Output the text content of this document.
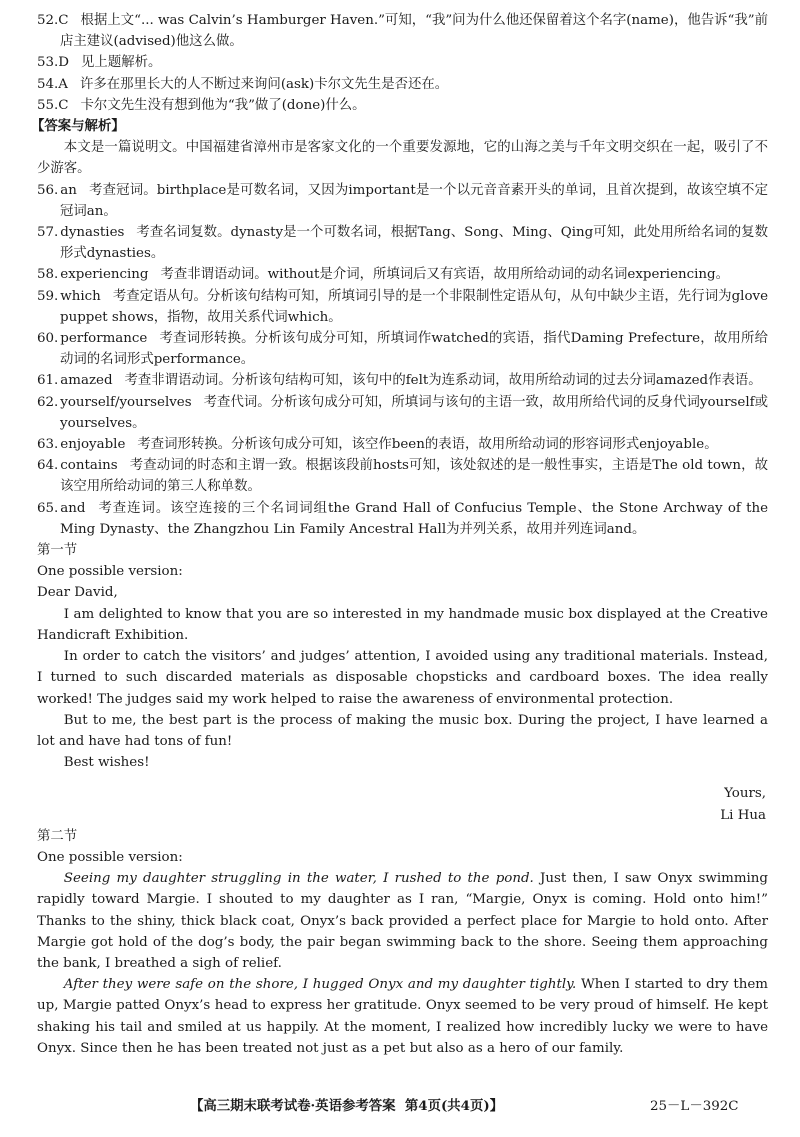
52.C 根据上文“... was Calvin’s Hamburger Haven.”可知，“我”问为什么他还保留着这个名字(name)，他告诉“我”前店主建议(advised)他这么做。
53.D 见上题解析。
54.A 许多在那里长大的人不断过来询问(ask)卡尔文先生是否还在。
55.C 卡尔文先生没有想到他为“我”做了(done)什么。
【答案与解析】
本文是一篇说明文。中国福建省漳州市是客家文化的一个重要发源地，它的山海之美与千年文明交织在一起，吸引了不少游客。
56. an 考查冠词。birthplace是可数名词，又因为important是一个以元音音素开头的单词，且首次提到，故该空填不定冠词an。
57. dynasties 考查名词复数。dynasty是一个可数名词，根据Tang、Song、Ming、Qing可知，此处用所给名词的复数形式dynasties。
58. experiencing 考查非谓语动词。without是介词，所填词后又有宾语，故用所给动词的动名词experiencing。
59. which 考查定语从句。分析该句结构可知，所填词引导的是一个非限制性定语从句，从句中缺少主语，先行词为glove puppet shows，指物，故用关系代词which。
60. performance 考查词形转换。分析该句成分可知，所填词作watched的宾语，指代Daming Prefecture，故用所给动词的名词形式performance。
61. amazed 考查非谓语动词。分析该句结构可知，该句中的felt为连系动词，故用所给动词的过去分词amazed作表语。
62. yourself/yourselves 考查代词。分析该句成分可知，所填词与该句的主语一致，故用所给代词的反身代词yourself或yourselves。
63. enjoyable 考查词形转换。分析该句成分可知，该空作been的表语，故用所给动词的形容词形式enjoyable。
64. contains 考查动词的时态和主谓一致。根据该段前hosts可知，该处叙述的是一般性事实，主语是The old town，故该空用所给动词的第三人称单数。
65. and 考查连词。该空连接的三个名词词组the Grand Hall of Confucius Temple、the Stone Archway of the Ming Dynasty、the Zhangzhou Lin Family Ancestral Hall为并列关系，故用并列连词and。
第一节
One possible version:
Dear David,
I am delighted to know that you are so interested in my handmade music box displayed at the Creative Handicraft Exhibition.
In order to catch the visitors’ and judges’ attention, I avoided using any traditional materials. Instead, I turned to such discarded materials as disposable chopsticks and cardboard boxes. The idea really worked! The judges said my work helped to raise the awareness of environmental protection.
But to me, the best part is the process of making the music box. During the project, I have learned a lot and have had tons of fun!
Best wishes!
Yours,
Li Hua
第二节
One possible version:
Seeing my daughter struggling in the water, I rushed to the pond. Just then, I saw Onyx swimming rapidly toward Margie. I shouted to my daughter as I ran, “Margie, Onyx is coming. Hold onto him!” Thanks to the shiny, thick black coat, Onyx’s back provided a perfect place for Margie to hold onto. After Margie got hold of the dog’s body, the pair began swimming back to the shore. Seeing them approaching the bank, I breathed a sigh of relief.
After they were safe on the shore, I hugged Onyx and my daughter tightly. When I started to dry them up, Margie patted Onyx’s head to express her gratitude. Onyx seemed to be very proud of himself. He kept shaking his tail and smiled at us happily. At the moment, I realized how incredibly lucky we were to have Onyx. Since then he has been treated not just as a pet but also as a hero of our family.
【高三期末联考试卷·英语参考答案 第4页(共4页)】	25－L－392C
